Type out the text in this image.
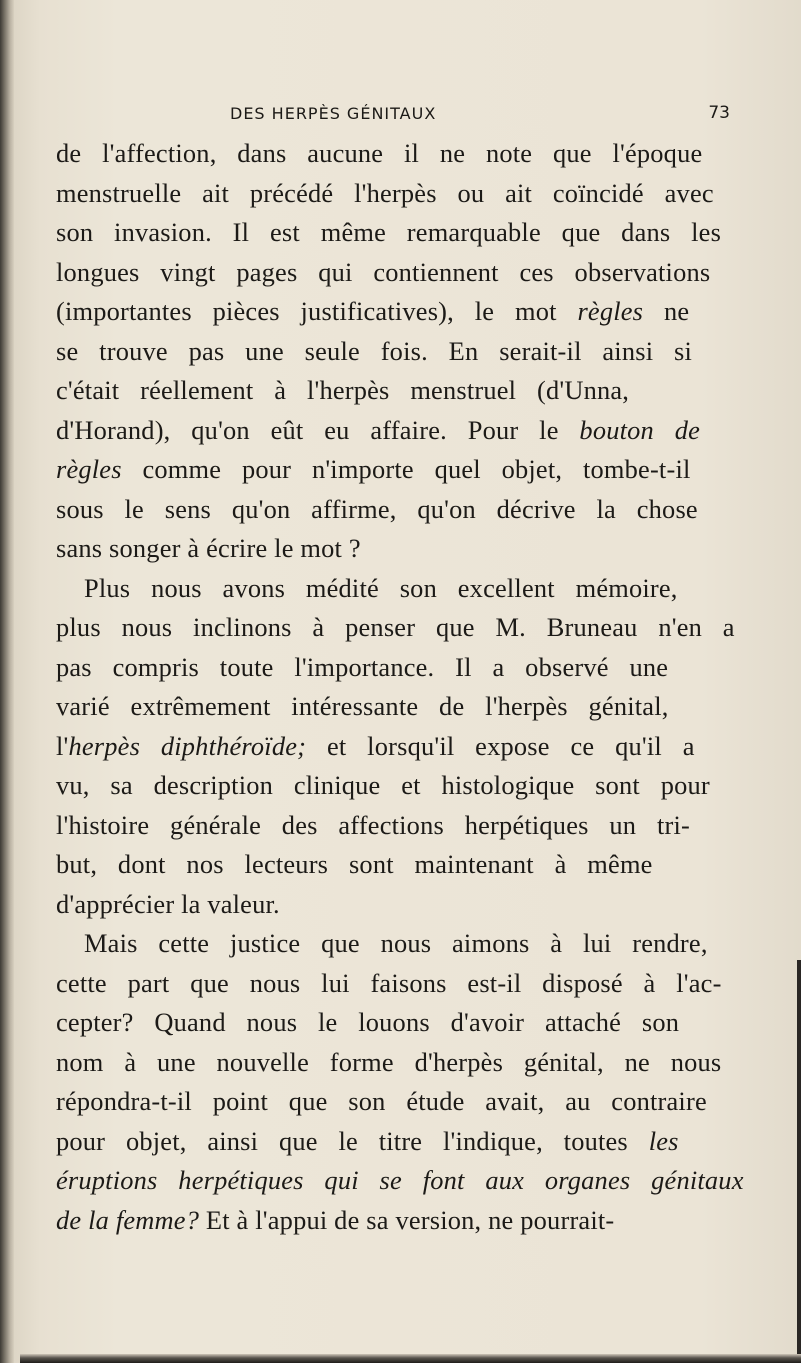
DES HERPÈS GÉNITAUX	73
de l'affection, dans aucune il ne note que l'époque
menstruelle ait précédé l'herpès ou ait coïncidé avec
son invasion. Il est même remarquable que dans les
longues vingt pages qui contiennent ces observations
(importantes pièces justificatives), le mot règles ne
se trouve pas une seule fois. En serait-il ainsi si
c'était réellement à l'herpès menstruel (d'Unna,
d'Horand), qu'on eût eu affaire. Pour le bouton de
règles comme pour n'importe quel objet, tombe-t-il
sous le sens qu'on affirme, qu'on décrive la chose
sans songer à écrire le mot ?
Plus nous avons médité son excellent mémoire,
plus nous inclinons à penser que M. Bruneau n'en a
pas compris toute l'importance. Il a observé une
varié extrêmement intéressante de l'herpès génital,
l'herpès diphthéroïde; et lorsqu'il expose ce qu'il a
vu, sa description clinique et histologique sont pour
l'histoire générale des affections herpétiques un tri-
but, dont nos lecteurs sont maintenant à même
d'apprécier la valeur.
Mais cette justice que nous aimons à lui rendre,
cette part que nous lui faisons est-il disposé à l'ac-
cepter? Quand nous le louons d'avoir attaché son
nom à une nouvelle forme d'herpès génital, ne nous
répondra-t-il point que son étude avait, au contraire
pour objet, ainsi que le titre l'indique, toutes les
éruptions herpétiques qui se font aux organes génitaux
de la femme? Et à l'appui de sa version, ne pourrait-
